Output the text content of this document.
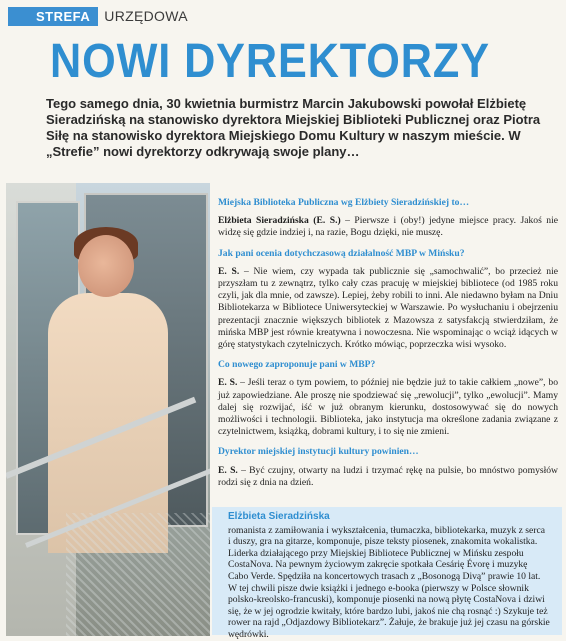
STREFA	URZĘDOWA
NOWI DYREKTORZY
Tego samego dnia, 30 kwietnia burmistrz Marcin Jakubowski powołał Elżbietę Sieradzińską na stanowisko dyrektora Miejskiej Biblioteki Publicznej oraz Piotra Siłę na stanowisko dyrektora Miejskiego Domu Kultury w naszym mieście. W „Strefie” nowi dyrektorzy odkrywają swoje plany…
Miejska Biblioteka Publiczna wg Elżbiety Sieradzińskiej to…

Elżbieta Sieradzińska (E. S.) – Pierwsze i (oby!) jedyne miejsce pracy. Jakoś nie widzę się gdzie indziej i, na razie, Bogu dzięki, nie muszę.

Jak pani ocenia dotychczasową działalność MBP w Mińsku?

E. S. – Nie wiem, czy wypada tak publicznie się „samochwalić”, bo przecież nie przyszłam tu z zewnątrz, tylko cały czas pracuję w miejskiej bibliotece (od 1985 roku czyli, jak dla mnie, od zawsze). Lepiej, żeby robili to inni. Ale niedawno byłam na Dniu Bibliotekarza w Bibliotece Uniwersyteckiej w Warszawie. Po wysłuchaniu i obejrzeniu prezentacji znacznie większych bibliotek z Mazowsza z satysfakcją stwierdziłam, że mińska MBP jest równie kreatywna i nowoczesna. Nie wspominając o wciąż idących w górę statystykach czytelniczych. Krótko mówiąc, poprzeczka wisi wysoko.

Co nowego zaproponuje pani w MBP?

E. S. – Jeśli teraz o tym powiem, to później nie będzie już to takie całkiem „nowe”, bo już zapowiedziane. Ale proszę nie spodziewać się „rewolucji”, tylko „ewolucji”. Mamy dalej się rozwijać, iść w już obranym kierunku, dostosowywać się do nowych możliwości i technologii. Biblioteka, jako instytucja ma określone zadania związane z czytelnictwem, książką, dobrami kultury, i to się nie zmieni.

Dyrektor miejskiej instytucji kultury powinien…

E. S. – Być czujny, otwarty na ludzi i trzymać rękę na pulsie, bo mnóstwo pomysłów rodzi się z dnia na dzień.

Elżbieta Sieradzińska
romanista z zamiłowania i wykształcenia, tłumaczka, bibliotekarka, muzyk z serca i duszy, gra na gitarze, komponuje, pisze teksty piosenek, znakomita wokalistka. Liderka działającego przy Miejskiej Bibliotece Publicznej w Mińsku zespołu CostaNova. Na pewnym życiowym zakręcie spotkała Cesárię Évorę i muzykę Cabo Verde. Spędziła na koncertowych trasach z „Bosonogą Divą” prawie 10 lat. W tej chwili pisze dwie książki i jednego e-booka (pierwszy w Polsce słownik polsko-kreolsko-francuski), komponuje piosenki na nową płytę CostaNova i dziwi się, że w jej ogrodzie kwitały, które bardzo lubi, jakoś nie chą rosnąć :) Szykuje też rower na rajd „Odjazdowy Bibliotekarz”. Żałuje, że brakuje już jej czasu na górskie wędrówki.
